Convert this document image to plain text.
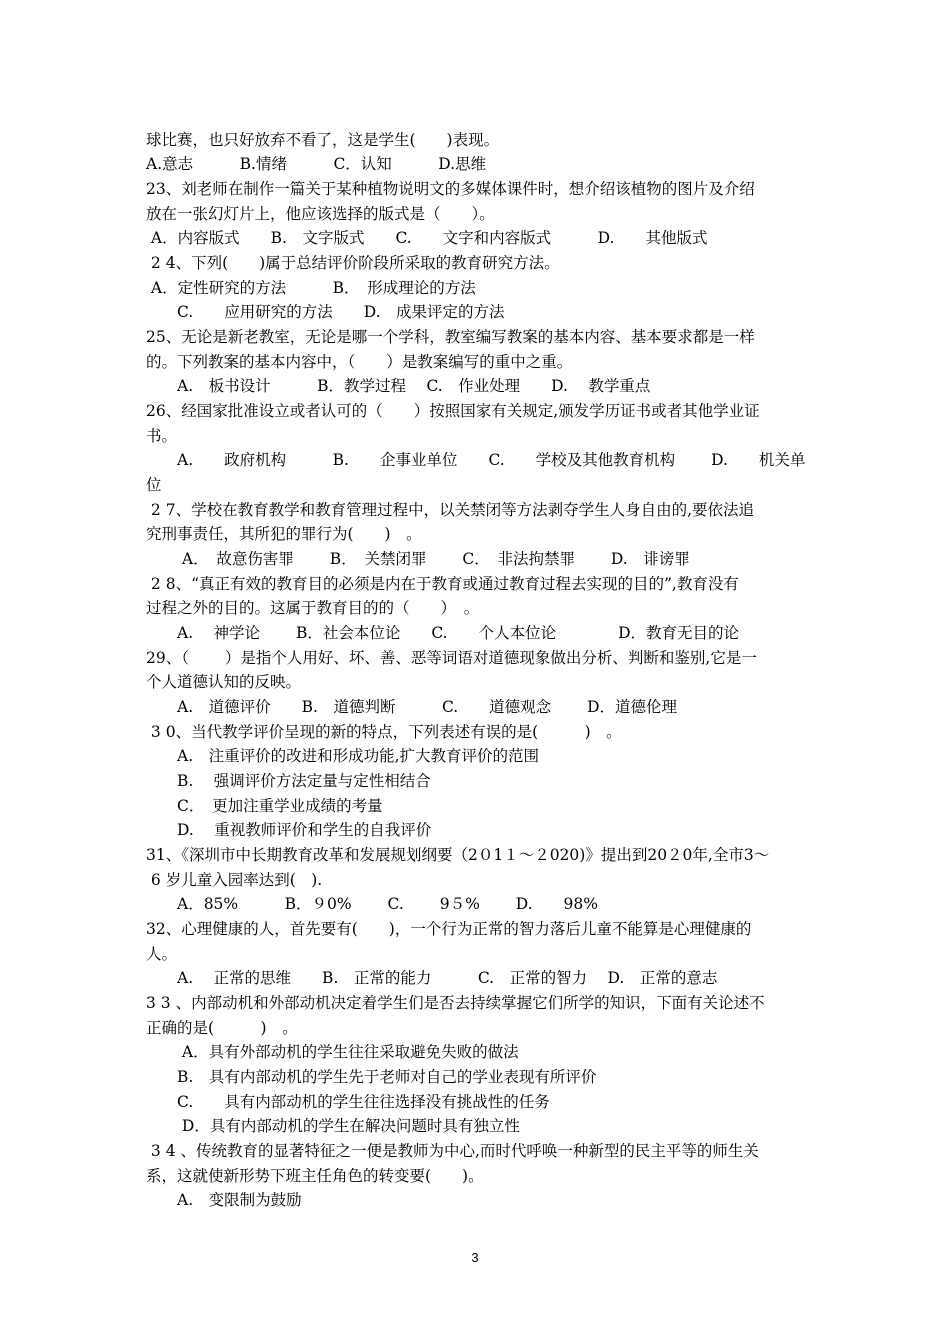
球比赛，也只好放弃不看了，这是学生(　　)表现。
A.意志　　　B.情绪　　　C．认知　　　D.思维
23、刘老师在制作一篇关于某种植物说明文的多媒体课件时，想介绍该植物的图片及介绍
放在一张幻灯片上，他应该选择的版式是（　　）。
A．内容版式　　B.　文字版式　　C.　　文字和内容版式　　　D.　　其他版式
2 4、下列(　　)属于总结评价阶段所采取的教育研究方法。
A．定性研究的方法　　　B．　形成理论的方法
　　C.　　应用研究的方法　　D.　成果评定的方法
25、无论是新老教室，无论是哪一个学科，教室编写教案的基本内容、基本要求都是一样
的。下列教案的基本内容中，（　　）是教案编写的重中之重。
　　A.　板书设计　　　B．教学过程　 C.　作业处理　　D.　 教学重点
26、经国家批准设立或者认可的（　　）按照国家有关规定,颁发学历证书或者其他学业证
书。
　　A.　　政府机构　　　B.　　企事业单位　　C.　　学校及其他教育机构　　 D.　　机关单
位
2 7、学校在教育教学和教育管理过程中，以关禁闭等方法剥夺学生人身自由的,要依法追
究刑事责任，其所犯的罪行为(　　)　。
　　 A．　故意伤害罪　　 B．　关禁闭罪　　 C．　非法拘禁罪　　 D.　诽谤罪
2 8、“真正有效的教育目的必须是内在于教育或通过教育过程去实现的目的”,教育没有
过程之外的目的。这属于教育目的的（　　）　。
　　A.　 神学论　　 B．社会本位论　　C.　　个人本位论　　　　D．教育无目的论
29、（　　 ）是指个人用好、坏、善、恶等词语对道德现象做出分析、判断和鉴别,它是一
个人道德认知的反映。
　　A.　道德评价　　B.　道德判断　　　C.　　道德观念　　 D．道德伦理
3 0、当代教学评价呈现的新的特点，下列表述有误的是(　　　)　。
　　A.　注重评价的改进和形成功能,扩大教育评价的范围
　　B.　 强调评价方法定量与定性相结合
　　C．　更加注重学业成绩的考量
　　D.　 重视教师评价和学生的自我评价
31、《深圳市中长期教育改革和发展规划纲要（2０1１～２020)》提出到20２0年,全市3～
6 岁儿童入园率达到(　).
　　A．85%　　　B．９0%　　 C.　　 9５%　　 D.　　98%
32、心理健康的人，首先要有(　　)，一个行为正常的智力落后儿童不能算是心理健康的
人。
　　A.　 正常的思维　　B.　正常的能力　　　C.　正常的智力　 D.　正常的意志
3 3 、内部动机和外部动机决定着学生们是否去持续掌握它们所学的知识，下面有关论述不
正确的是(　　　)　。
　　 A．具有外部动机的学生往往采取避免失败的做法
　　B.　具有内部动机的学生先于老师对自己的学业表现有所评价
　　C.　　具有内部动机的学生往往选择没有挑战性的任务
　　 D．具有内部动机的学生在解决问题时具有独立性
3 4 、传统教育的显著特征之一便是教师为中心,而时代呼唤一种新型的民主平等的师生关
系，这就使新形势下班主任角色的转变要(　　)。
　　A.　变限制为鼓励
3
